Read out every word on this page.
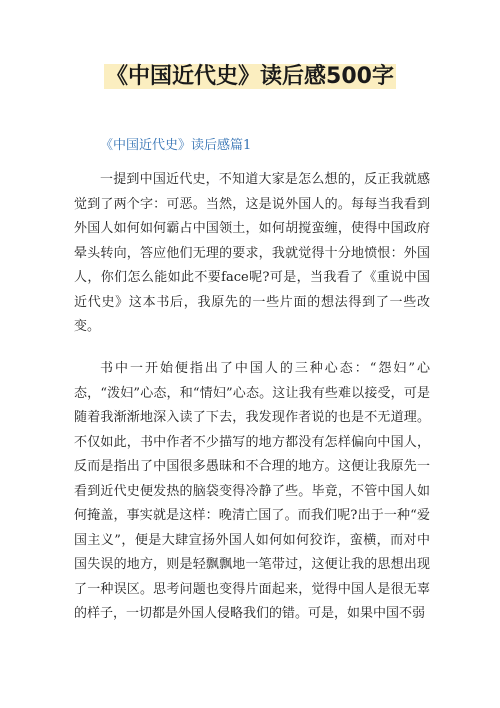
《中国近代史》读后感500字
《中国近代史》读后感篇1

一提到中国近代史，不知道大家是怎么想的，反正我就感觉到了两个字：可恶。当然，这是说外国人的。每每当我看到外国人如何如何霸占中国领土，如何胡搅蛮缠，使得中国政府晕头转向，答应他们无理的要求，我就觉得十分地愤恨：外国人，你们怎么能如此不要face呢?可是，当我看了《重说中国近代史》这本书后，我原先的一些片面的想法得到了一些改变。

书中一开始便指出了中国人的三种心态：“怨妇”心态，“泼妇”心态，和“情妇”心态。这让我有些难以接受，可是随着我渐渐地深入读了下去，我发现作者说的也是不无道理。不仅如此，书中作者不少描写的地方都没有怎样偏向中国人，反而是指出了中国很多愚昧和不合理的地方。这便让我原先一看到近代史便发热的脑袋变得冷静了些。毕竟，不管中国人如何掩盖，事实就是这样：晚清亡国了。而我们呢?出于一种“爱国主义”，便是大肆宣扬外国人如何如何狡诈，蛮横，而对中国失误的地方，则是轻飘飘地一笔带过，这便让我的思想出现了一种误区。思考问题也变得片面起来，觉得中国人是很无辜的样子，一切都是外国人侵略我们的错。可是，如果中国不弱
